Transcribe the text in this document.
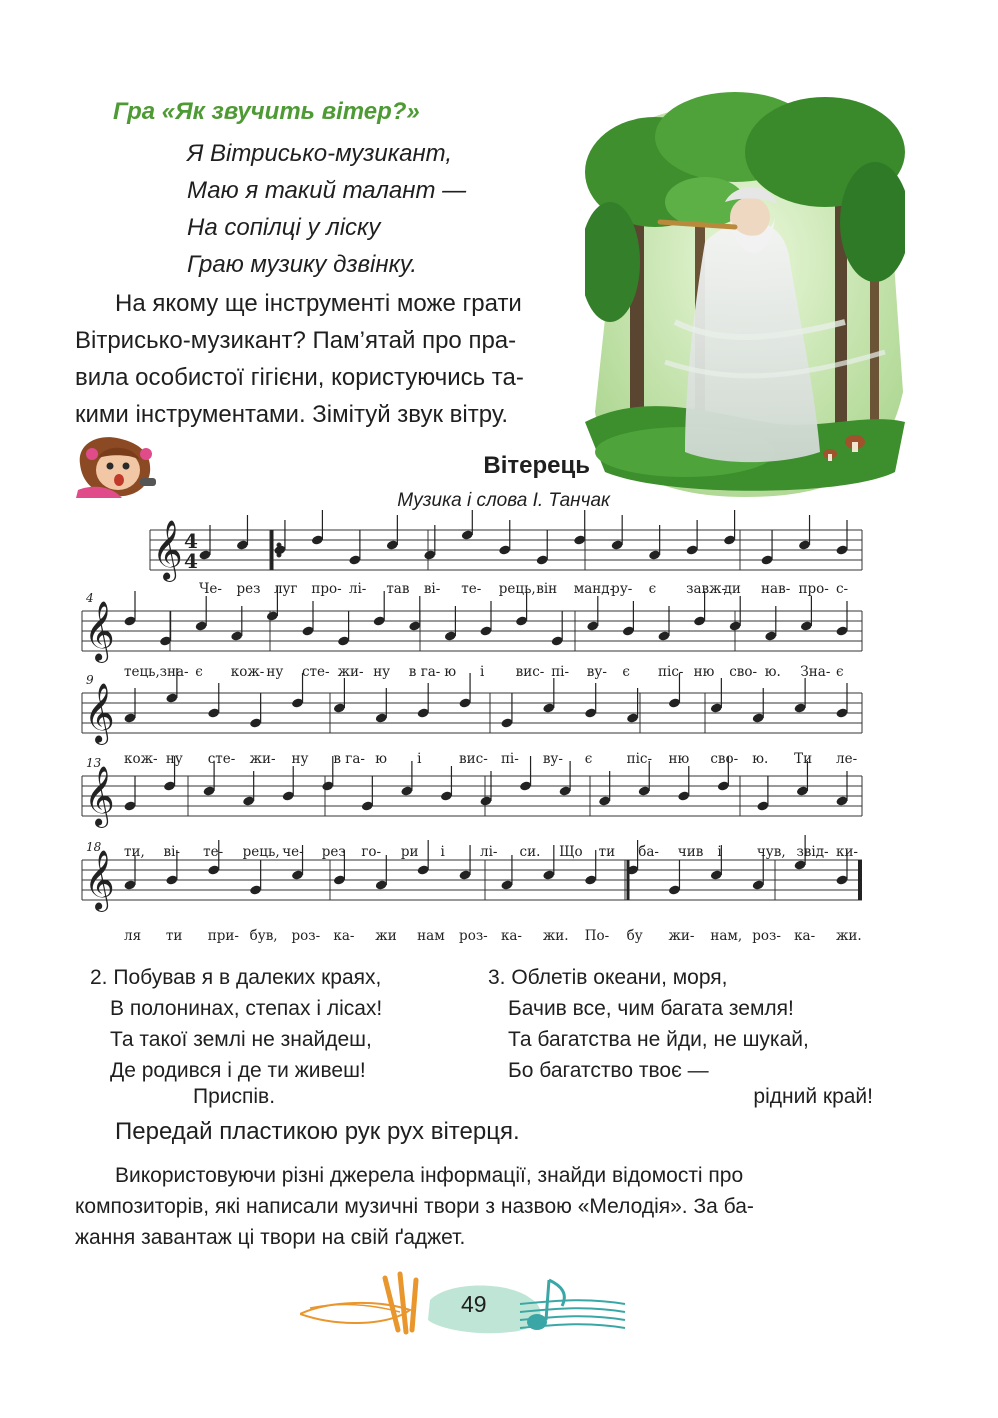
Гра «Як звучить вітер?»
Я Вітрисько-музикант,
Маю я такий талант —
На сопілці у ліску
Граю музику дзвінку.
На якому ще інструменті може грати
Вітрисько-музикант? Пам’ятай про пра-
вила особистої гігієни, користуючись та-
кими інструментами. Зімітуй звук вітру.
Вітерець
Музика і слова І. Танчак
𝄞 4
4
𝄞
4
𝄞
9
𝄞
13
𝄞
18
Че- рез луг про- лі- тав ві- те- рець, він манд-
ру- є завж-
ди нав- про- с-
тець, зна- є кож- ну сте- жи- ну в га- ю і вис- пі- ву- є піс- ню сво- ю. Зна- є
кож- ну сте- жи- ну в га- ю і	вис- пі- ву- є	піс- ню сво- ю. Ти ле-
ти, ві- те- рець, че- рез го- ри і	лі- си. Що ти ба- чив і	чув, звід- ки-
ля ти при- був, роз- ка- жи нам роз- ка- жи. По- бу жи- нам, роз- ка- жи.
2. Побував я в далеких краях,
В полонинах, степах і лісах!
Та такої землі не знайдеш,
Де родився і де ти живеш!
3. Облетів океани, моря,
Бачив все, чим багата земля!
Та багатства не йди, не шукай,
Бо багатство твоє —
Приспів.	рідний край!
Передай пластикою рук рух вітерця.
Використовуючи різні джерела інформації, знайди відомості про
композиторів, які написали музичні твори з назвою «Мелодія». За ба-
жання завантаж ці твори на свій ґаджет.
49
